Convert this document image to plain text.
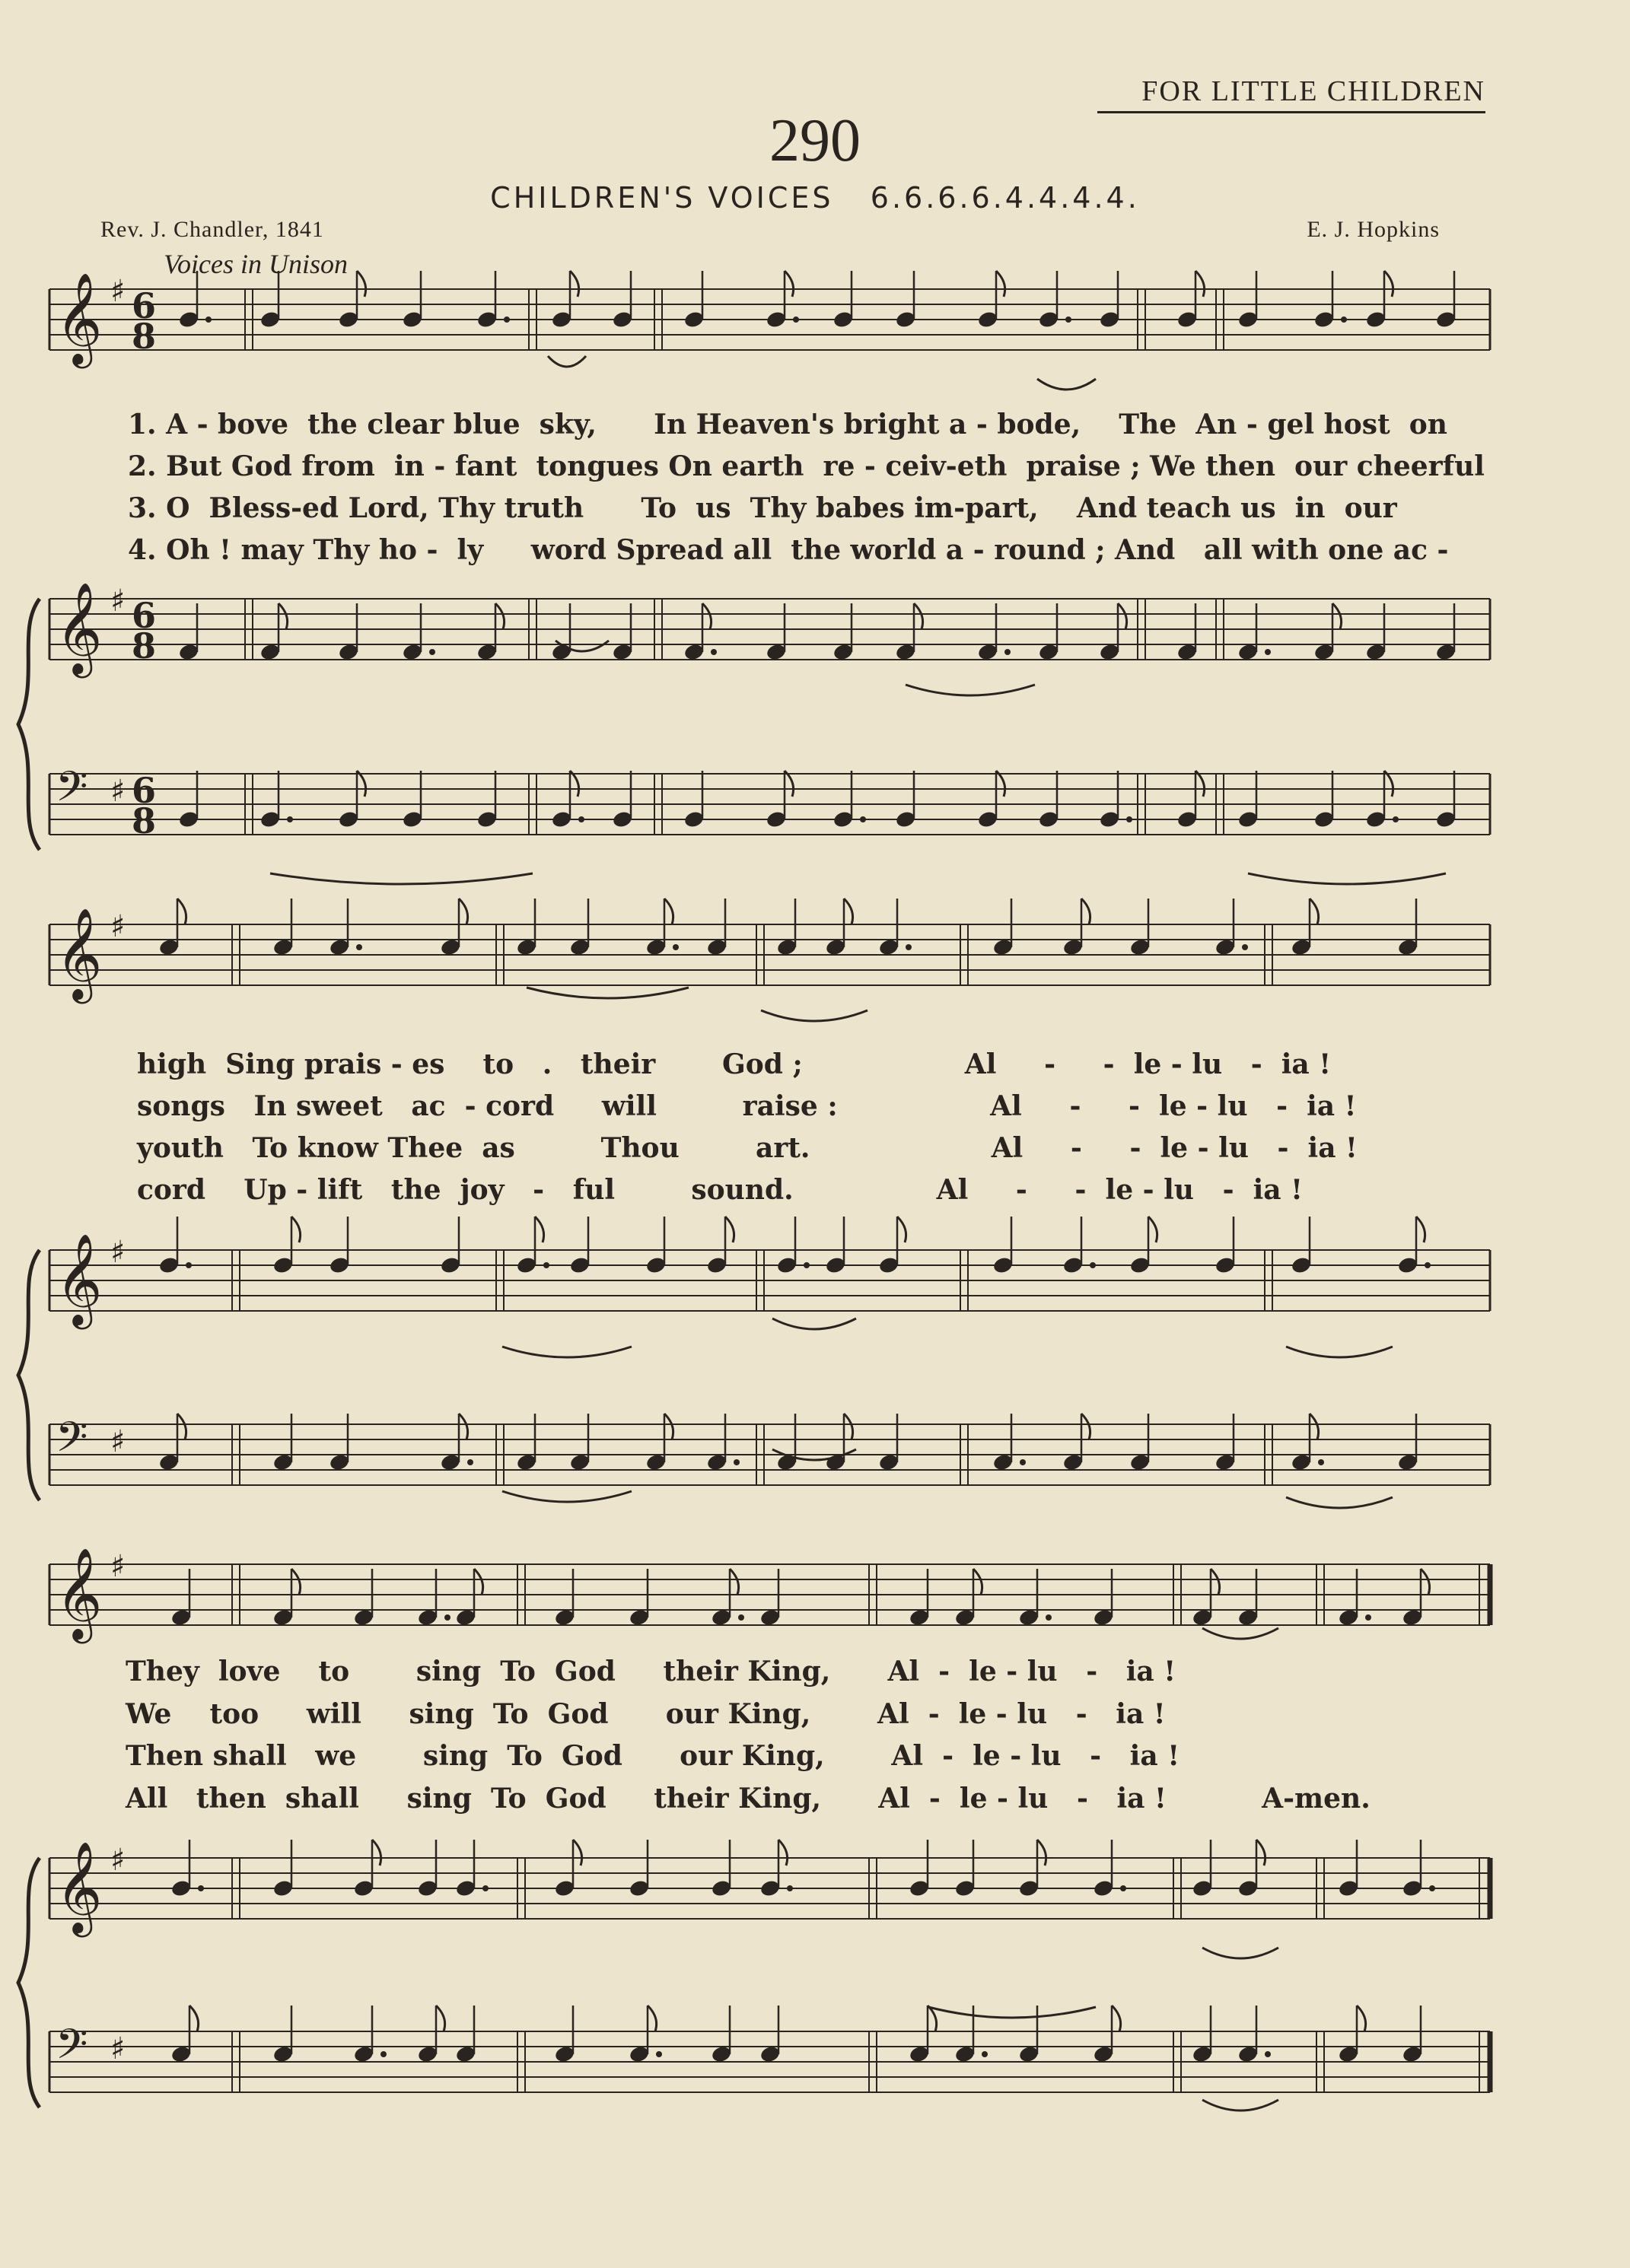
FOR LITTLE CHILDREN
290
CHILDREN'S VOICES 6.6.6.6.4.4.4.4.
Rev. J. Chandler, 1841	E. J. Hopkins
Voices in Unison
𝄞 ♯ 6
8
𝄞 ♯ 6
8
𝄢 ♯ 6
8
𝄞 ♯
𝄞 ♯
𝄢 ♯
𝄞 ♯
𝄞 ♯
𝄢 ♯
1. A - bove  the clear blue  sky,      In Heaven's bright a - bode,    The  An - gel host  on
2. But God from  in - fant  tongues On earth  re - ceiv-eth  praise ; We then  our cheerful
3. O  Bless-ed Lord, Thy truth      To  us  Thy babes im-part,    And teach us  in  our
4. Oh ! may Thy ho -  ly     word Spread all  the world a - round ; And   all with one ac -
high  Sing prais - es    to   .   their       God ;                 Al     -     -  le - lu   -  ia !
songs   In sweet   ac  - cord     will         raise :                Al     -     -  le - lu   -  ia !
youth   To know Thee  as         Thou        art.                   Al     -     -  le - lu   -  ia !
cord    Up - lift   the  joy   -   ful        sound.               Al     -     -  le - lu   -  ia !
They  love    to       sing  To  God     their King,      Al  -  le - lu   -   ia !
We    too     will     sing  To  God      our King,       Al  -  le - lu   -   ia !
Then shall   we       sing  To  God      our King,       Al  -  le - lu   -   ia !
All   then  shall     sing  To  God     their King,      Al  -  le - lu   -   ia !          A-men.
